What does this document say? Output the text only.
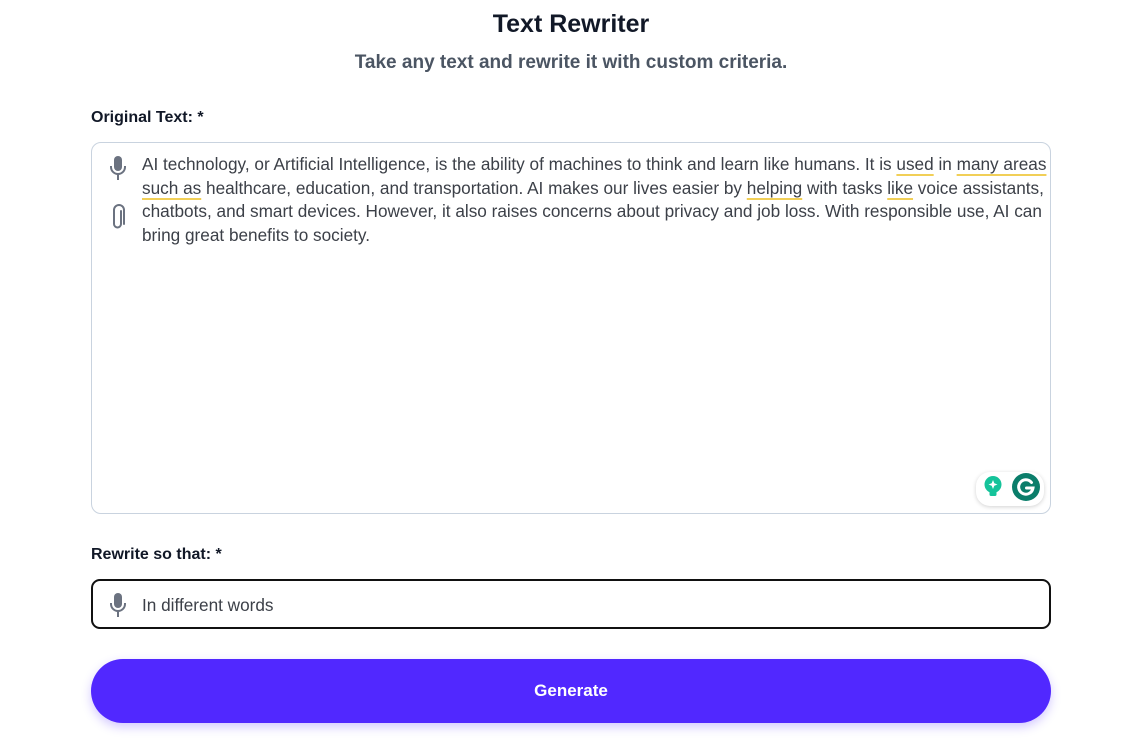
Text Rewriter

Take any text and rewrite it with custom criteria.

Original Text: *
AI technology, or Artificial Intelligence, is the ability of machines to think and learn like humans. It is used in many areas such as healthcare, education, and transportation. AI makes our lives easier by helping with tasks like voice assistants, chatbots, and smart devices. However, it also raises concerns about privacy and job loss. With responsible use, AI can bring great benefits to society.
Rewrite so that: *
In different words
Generate
